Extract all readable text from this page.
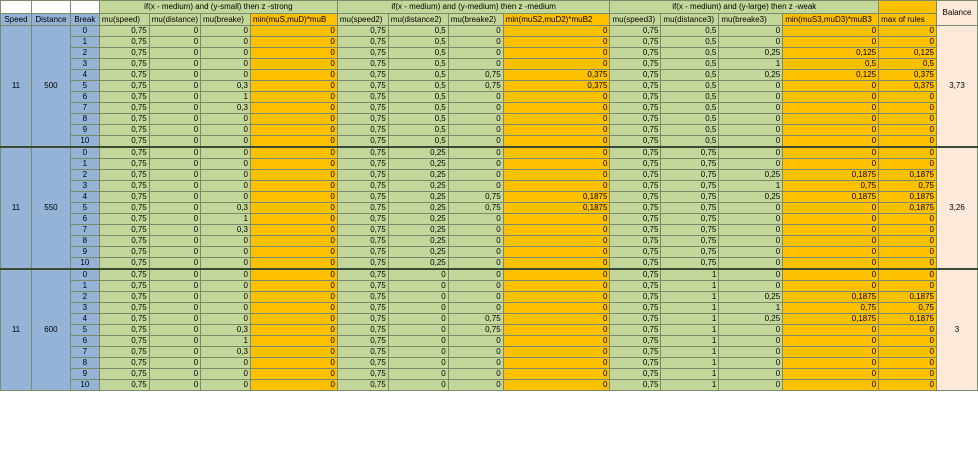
			if(x - medium) and (y-small) then z -strong				if(x - medium) and (y-medium) then z -medium				if(x - medium) and (y-large) then z -weak					Balance
Speed	Distance	Break	mu(speed)	mu(distance)	mu(breake)	min(muS,muD)*muB	mu(speed2)	mu(distance2)	mu(breake2)	min(muS2,muD2)*muB2	mu(speed3)	mu(distance3)	mu(breake3)	min(muS3,muD3)*muB3	max of rules	
11	500	0	0,75	0	0	0	0,75	0,5	0	0	0,75	0,5	0	0	0	3,73
		1	0,75	0	0	0	0,75	0,5	0	0	0,75	0,5	0	0	0	
		2	0,75	0	0	0	0,75	0,5	0	0	0,75	0,5	0,25	0,125	0,125	
		3	0,75	0	0	0	0,75	0,5	0	0	0,75	0,5	1	0,5	0,5	
		4	0,75	0	0	0	0,75	0,5	0,75	0,375	0,75	0,5	0,25	0,125	0,375	
		5	0,75	0	0,3	0	0,75	0,5	0,75	0,375	0,75	0,5	0	0	0,375	
		6	0,75	0	1	0	0,75	0,5	0	0	0,75	0,5	0	0	0	
		7	0,75	0	0,3	0	0,75	0,5	0	0	0,75	0,5	0	0	0	
		8	0,75	0	0	0	0,75	0,5	0	0	0,75	0,5	0	0	0	
		9	0,75	0	0	0	0,75	0,5	0	0	0,75	0,5	0	0	0	
		10	0,75	0	0	0	0,75	0,5	0	0	0,75	0,5	0	0	0	
11	550	0	0,75	0	0	0	0,75	0,25	0	0	0,75	0,75	0	0	0	3,26
		1	0,75	0	0	0	0,75	0,25	0	0	0,75	0,75	0	0	0	
		2	0,75	0	0	0	0,75	0,25	0	0	0,75	0,75	0,25	0,1875	0,1875	
		3	0,75	0	0	0	0,75	0,25	0	0	0,75	0,75	1	0,75	0,75	
		4	0,75	0	0	0	0,75	0,25	0,75	0,1875	0,75	0,75	0,25	0,1875	0,1875	
		5	0,75	0	0,3	0	0,75	0,25	0,75	0,1875	0,75	0,75	0	0	0,1875	
		6	0,75	0	1	0	0,75	0,25	0	0	0,75	0,75	0	0	0	
		7	0,75	0	0,3	0	0,75	0,25	0	0	0,75	0,75	0	0	0	
		8	0,75	0	0	0	0,75	0,25	0	0	0,75	0,75	0	0	0	
		9	0,75	0	0	0	0,75	0,25	0	0	0,75	0,75	0	0	0	
		10	0,75	0	0	0	0,75	0,25	0	0	0,75	0,75	0	0	0	
11	600	0	0,75	0	0	0	0,75	0	0	0	0,75	1	0	0	0	3
		1	0,75	0	0	0	0,75	0	0	0	0,75	1	0	0	0	
		2	0,75	0	0	0	0,75	0	0	0	0,75	1	0,25	0,1875	0,1875	
		3	0,75	0	0	0	0,75	0	0	0	0,75	1	1	0,75	0,75	
		4	0,75	0	0	0	0,75	0	0,75	0	0,75	1	0,25	0,1875	0,1875	
		5	0,75	0	0,3	0	0,75	0	0,75	0	0,75	1	0	0	0	
		6	0,75	0	1	0	0,75	0	0	0	0,75	1	0	0	0	
		7	0,75	0	0,3	0	0,75	0	0	0	0,75	1	0	0	0	
		8	0,75	0	0	0	0,75	0	0	0	0,75	1	0	0	0	
		9	0,75	0	0	0	0,75	0	0	0	0,75	1	0	0	0	
		10	0,75	0	0	0	0,75	0	0	0	0,75	1	0	0	0	
